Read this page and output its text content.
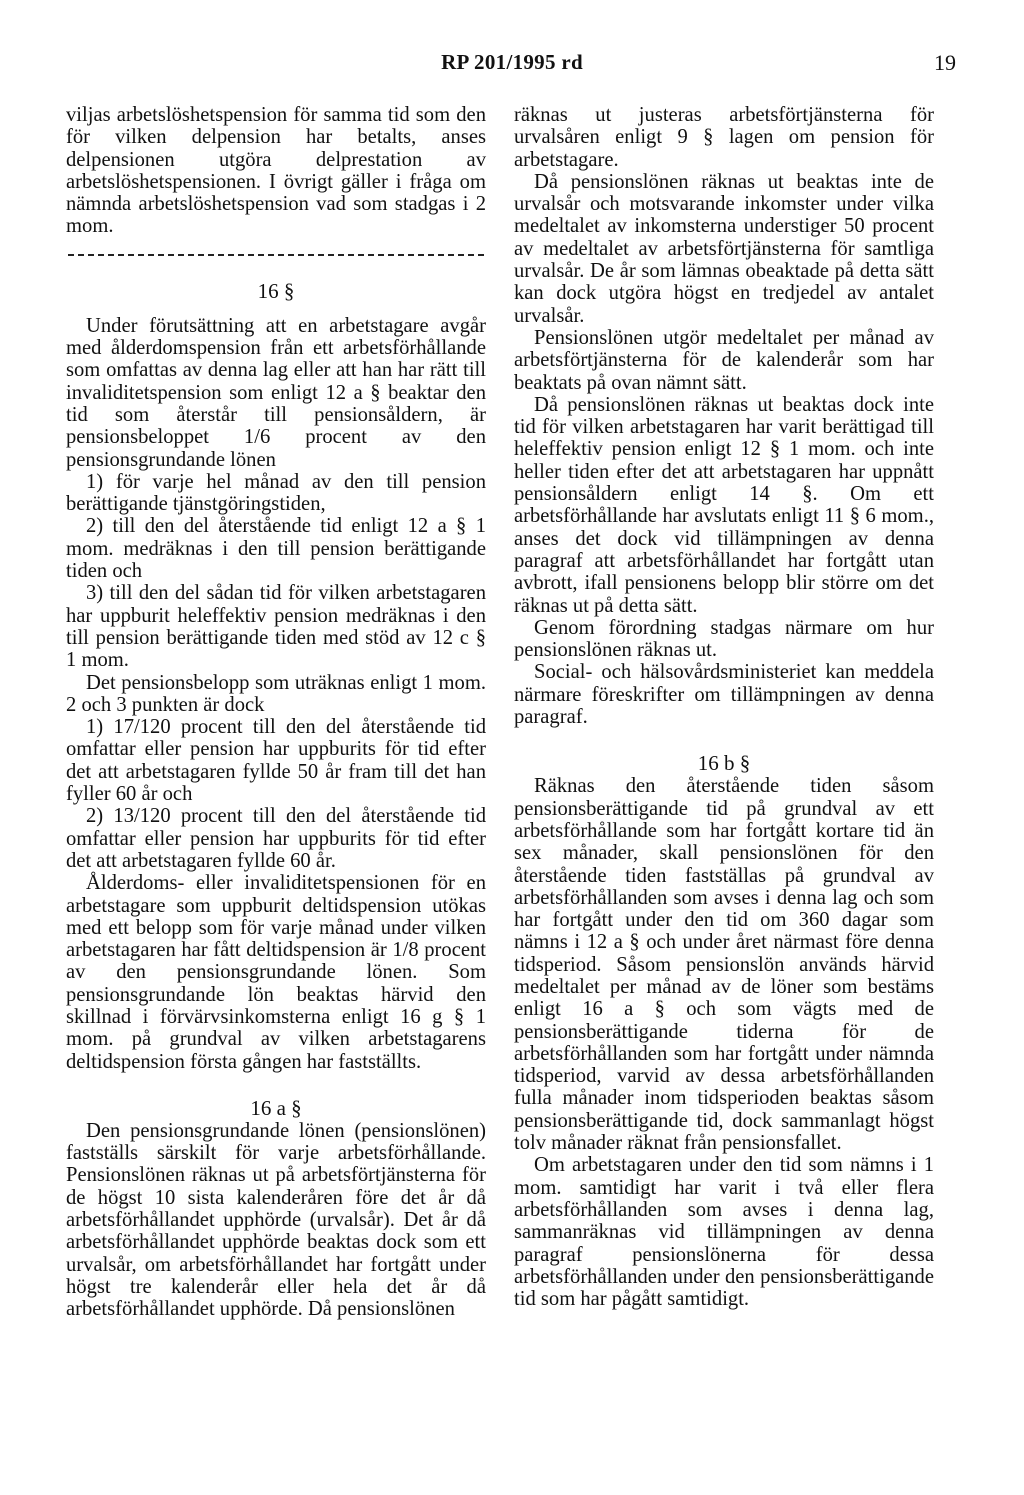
RP 201/1995 rd	19

viljas arbetslöshetspension för samma tid som den för vilken delpension har betalts, anses delpensionen utgöra delprestation av arbetslöshetspensionen. I övrigt gäller i fråga om nämnda arbetslöshetspension vad som stadgas i 2 mom.

16 §

Under förutsättning att en arbetstagare avgår med ålderdomspension från ett arbetsförhållande som omfattas av denna lag eller att han har rätt till invaliditetspension som enligt 12 a § beaktar den tid som återstår till pensionsåldern, är pensionsbeloppet 1/6 procent av den pensionsgrundande lönen

1) för varje hel månad av den till pension berättigande tjänstgöringstiden,

2) till den del återstående tid enligt 12 a § 1 mom. medräknas i den till pension berättigande tiden och

3) till den del sådan tid för vilken arbetstagaren har uppburit heleffektiv pension medräknas i den till pension berättigande tiden med stöd av 12 c § 1 mom.

Det pensionsbelopp som uträknas enligt 1 mom. 2 och 3 punkten är dock

1) 17/120 procent till den del återstående tid omfattar eller pension har uppburits för tid efter det att arbetstagaren fyllde 50 år fram till det han fyller 60 år och

2) 13/120 procent till den del återstående tid omfattar eller pension har uppburits för tid efter det att arbetstagaren fyllde 60 år.

Ålderdoms- eller invaliditetspensionen för en arbetstagare som uppburit deltidspension utökas med ett belopp som för varje månad under vilken arbetstagaren har fått deltidspension är 1/8 procent av den pensionsgrundande lönen. Som pensionsgrundande lön beaktas härvid den skillnad i förvärvsinkomsterna enligt 16 g § 1 mom. på grundval av vilken arbetstagarens deltidspension första gången har fastställts.

16 a §

Den pensionsgrundande lönen (pensionslönen) fastställs särskilt för varje arbetsförhållande. Pensionslönen räknas ut på arbetsförtjänsterna för de högst 10 sista kalenderåren före det år då arbetsförhållandet upphörde (urvalsår). Det år då arbetsförhållandet upphörde beaktas dock som ett urvalsår, om arbetsförhållandet har fortgått under högst tre kalenderår eller hela det år då arbetsförhållandet upphörde. Då pensionslönen

räknas ut justeras arbetsförtjänsterna för urvalsåren enligt 9 § lagen om pension för arbetstagare.

Då pensionslönen räknas ut beaktas inte de urvalsår och motsvarande inkomster under vilka medeltalet av inkomsterna understiger 50 procent av medeltalet av arbetsförtjänsterna för samtliga urvalsår. De år som lämnas obeaktade på detta sätt kan dock utgöra högst en tredjedel av antalet urvalsår.

Pensionslönen utgör medeltalet per månad av arbetsförtjänsterna för de kalenderår som har beaktats på ovan nämnt sätt.

Då pensionslönen räknas ut beaktas dock inte tid för vilken arbetstagaren har varit berättigad till heleffektiv pension enligt 12 § 1 mom. och inte heller tiden efter det att arbetstagaren har uppnått pensionsåldern enligt 14 §. Om ett arbetsförhållande har avslutats enligt 11 § 6 mom., anses det dock vid tillämpningen av denna paragraf att arbetsförhållandet har fortgått utan avbrott, ifall pensionens belopp blir större om det räknas ut på detta sätt.

Genom förordning stadgas närmare om hur pensionslönen räknas ut.

Social- och hälsovårdsministeriet kan meddela närmare föreskrifter om tillämpningen av denna paragraf.

16 b §

Räknas den återstående tiden såsom pensionsberättigande tid på grundval av ett arbetsförhållande som har fortgått kortare tid än sex månader, skall pensionslönen för den återstående tiden fastställas på grundval av arbetsförhållanden som avses i denna lag och som har fortgått under den tid om 360 dagar som nämns i 12 a § och under året närmast före denna tidsperiod. Såsom pensionslön används härvid medeltalet per månad av de löner som bestäms enligt 16 a § och som vägts med de pensionsberättigande tiderna för de arbetsförhållanden som har fortgått under nämnda tidsperiod, varvid av dessa arbetsförhållanden fulla månader inom tidsperioden beaktas såsom pensionsberättigande tid, dock sammanlagt högst tolv månader räknat från pensionsfallet.

Om arbetstagaren under den tid som nämns i 1 mom. samtidigt har varit i två eller flera arbetsförhållanden som avses i denna lag, sammanräknas vid tillämpningen av denna paragraf pensionslönerna för dessa arbetsförhållanden under den pensionsberättigande tid som har pågått samtidigt.
